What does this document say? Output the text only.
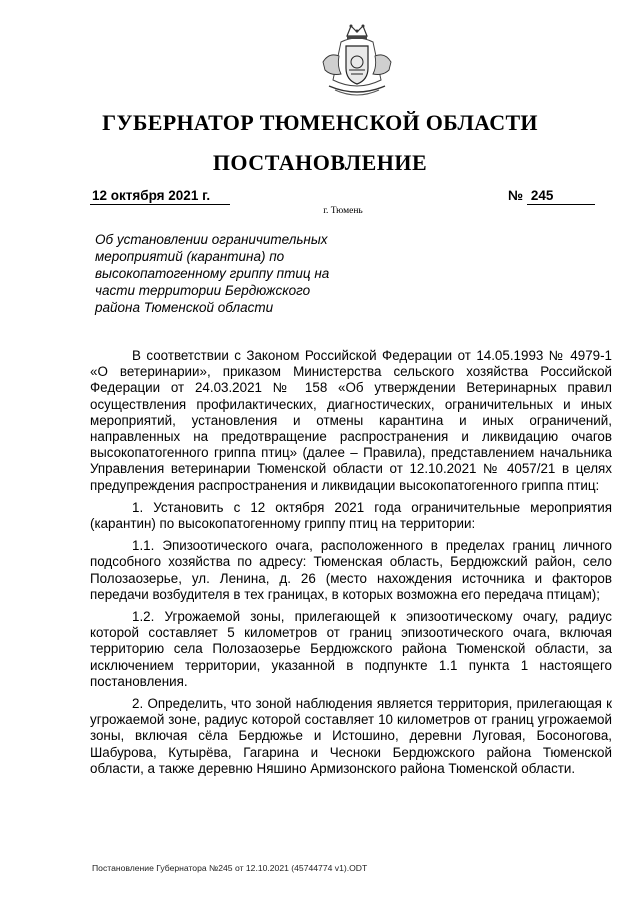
ГУБЕРНАТОР ТЮМЕНСКОЙ ОБЛАСТИ
ПОСТАНОВЛЕНИЕ
12 октября 2021 г.	№ 245
г. Тюмень
Об установлении ограничительных мероприятий (карантина) по высокопатогенному гриппу птиц на части территории Бердюжского района Тюменской области

В соответствии с Законом Российской Федерации от 14.05.1993 № 4979-1 «О ветеринарии», приказом Министерства сельского хозяйства Российской Федерации от 24.03.2021 № 158 «Об утверждении Ветеринарных правил осуществления профилактических, диагностических, ограничительных и иных мероприятий, установления и отмены карантина и иных ограничений, направленных на предотвращение распространения и ликвидацию очагов высокопатогенного гриппа птиц» (далее – Правила), представлением начальника Управления ветеринарии Тюменской области от 12.10.2021 № 4057/21 в целях предупреждения распространения и ликвидации высокопатогенного гриппа птиц:

1. Установить с 12 октября 2021 года ограничительные мероприятия (карантин) по высокопатогенному гриппу птиц на территории:

1.1. Эпизоотического очага, расположенного в пределах границ личного подсобного хозяйства по адресу: Тюменская область, Бердюжский район, село Полозаозерье, ул. Ленина, д. 26 (место нахождения источника и факторов передачи возбудителя в тех границах, в которых возможна его передача птицам);

1.2. Угрожаемой зоны, прилегающей к эпизоотическому очагу, радиус которой составляет 5 километров от границ эпизоотического очага, включая территорию села Полозаозерье Бердюжского района Тюменской области, за исключением территории, указанной в подпункте 1.1 пункта 1 настоящего постановления.

2. Определить, что зоной наблюдения является территория, прилегающая к угрожаемой зоне, радиус которой составляет 10 километров от границ угрожаемой зоны, включая сёла Бердюжье и Истошино, деревни Луговая, Босоногова, Шабурова, Кутырёва, Гагарина и Чесноки Бердюжского района Тюменской области, а также деревню Няшино Армизонского района Тюменской области.

Постановление Губернатора №245 от 12.10.2021 (45744774 v1).ODT
